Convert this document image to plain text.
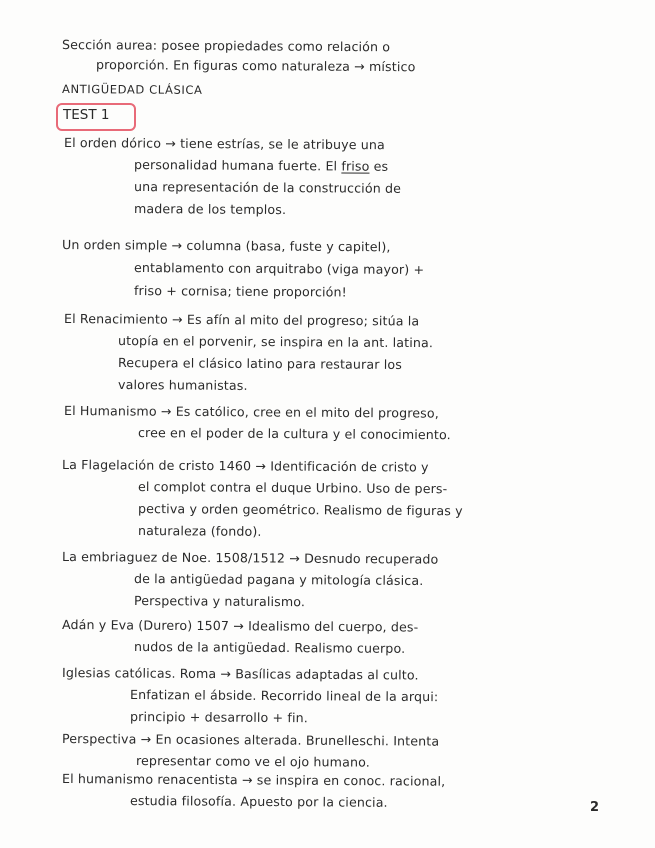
Sección aurea: posee propiedades como relación o
proporción. En figuras como naturaleza → místico
ANTIGÜEDAD CLÁSICA
TEST 1
El orden dórico → tiene estrías, se le atribuye una
personalidad humana fuerte. El friso es
una representación de la construcción de
madera de los templos.
Un orden simple → columna (basa, fuste y capitel),
entablamento con arquitrabo (viga mayor) +
friso + cornisa; tiene proporción!
El Renacimiento → Es afín al mito del progreso; sitúa la
utopía en el porvenir, se inspira en la ant. latina.
Recupera el clásico latino para restaurar los
valores humanistas.
El Humanismo → Es católico, cree en el mito del progreso,
cree en el poder de la cultura y el conocimiento.
La Flagelación de cristo 1460 → Identificación de cristo y
el complot contra el duque Urbino. Uso de pers-
pectiva y orden geométrico. Realismo de figuras y
naturaleza (fondo).
La embriaguez de Noe. 1508/1512 → Desnudo recuperado
de la antigüedad pagana y mitología clásica.
Perspectiva y naturalismo.
Adán y Eva (Durero) 1507 → Idealismo del cuerpo, des-
nudos de la antigüedad. Realismo cuerpo.
Iglesias católicas. Roma → Basílicas adaptadas al culto.
Enfatizan el ábside. Recorrido lineal de la arqui:
principio + desarrollo + fin.
Perspectiva → En ocasiones alterada. Brunelleschi. Intenta
representar como ve el ojo humano.
El humanismo renacentista → se inspira en conoc. racional,
estudia filosofía. Apuesto por la ciencia.	2
